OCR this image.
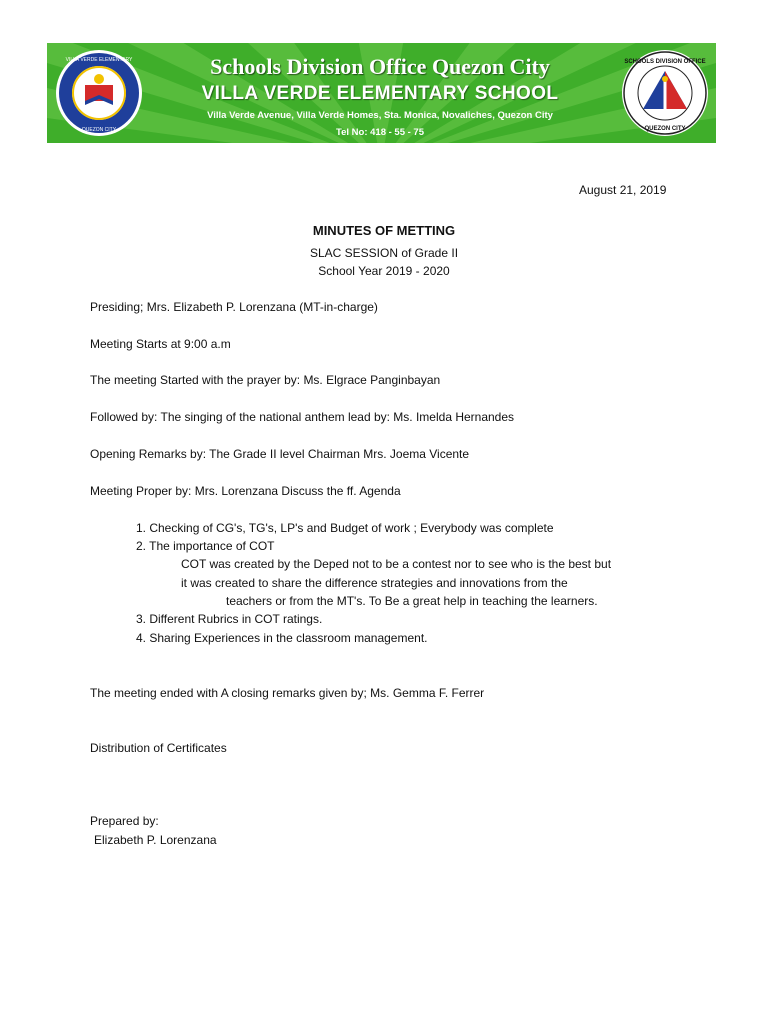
VILLA VERDE ELEMENTARY
QUEZON CITY
Schools Division Office Quezon City
VILLA VERDE ELEMENTARY SCHOOL
Villa Verde Avenue, Villa Verde Homes, Sta. Monica, Novaliches, Quezon City
Tel No: 418 - 55 - 75
SCHOOLS DIVISION OFFICE
QUEZON CITY
August 21, 2019
MINUTES OF METTING
SLAC SESSION of Grade II
School Year 2019 - 2020
Presiding; Mrs. Elizabeth P. Lorenzana (MT-in-charge)
Meeting Starts at 9:00 a.m
The meeting Started with the prayer by: Ms. Elgrace Panginbayan
Followed by: The singing of the national anthem lead by: Ms. Imelda Hernandes
Opening Remarks by: The Grade II level Chairman Mrs. Joema Vicente
Meeting Proper by: Mrs. Lorenzana Discuss the ff. Agenda
1. Checking of CG's, TG's, LP's and Budget of work ; Everybody was complete
2. The importance of COT
COT was created by the Deped not to be a contest nor to see who is the best but
it was created to share the difference strategies and innovations from the
teachers or from the MT's. To Be a great help in teaching the learners.
3. Different Rubrics in COT ratings.
4. Sharing Experiences in the classroom management.
The meeting ended with A closing remarks given by; Ms. Gemma F. Ferrer
Distribution of Certificates
Prepared by:
Elizabeth P. Lorenzana
